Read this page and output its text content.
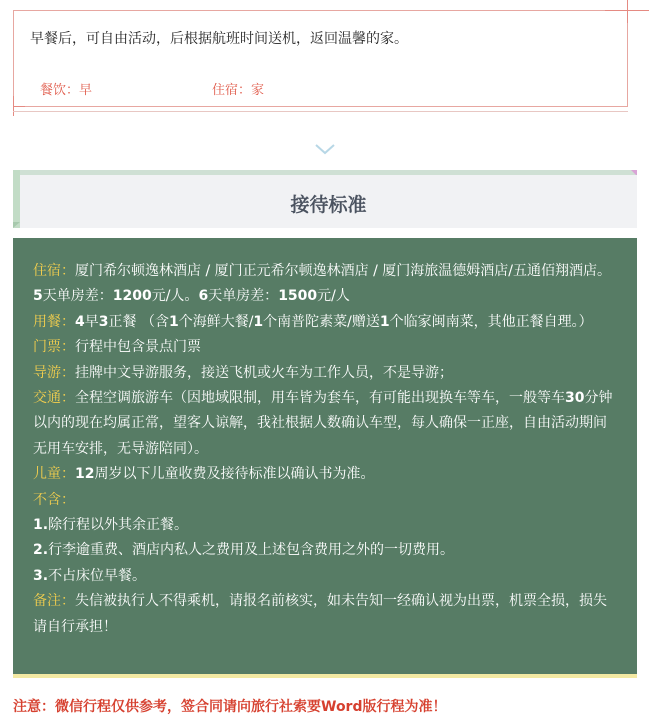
早餐后，可自由活动，后根据航班时间送机，返回温馨的家。
餐饮：早	住宿：家
接待标准

住宿：厦门希尔顿逸林酒店 / 厦门正元希尔顿逸林酒店 / 厦门海旅温德姆酒店/五通佰翔酒店。5天单房差：1200元/人。6天单房差：1500元/人

用餐：4早3正餐 （含1个海鲜大餐/1个南普陀素菜/赠送1个临家闽南菜，其他正餐自理。）

门票：行程中包含景点门票

导游：挂牌中文导游服务，接送飞机或火车为工作人员，不是导游；

交通：全程空调旅游车（因地域限制，用车皆为套车，有可能出现换车等车，一般等车30分钟以内的现在均属正常，望客人谅解，我社根据人数确认车型，每人确保一正座，自由活动期间无用车安排，无导游陪同）。

儿童：12周岁以下儿童收费及接待标准以确认书为准。

不含：

1.除行程以外其余正餐。

2.行李逾重费、酒店内私人之费用及上述包含费用之外的一切费用。

3.不占床位早餐。

备注：失信被执行人不得乘机，请报名前核实，如未告知一经确认视为出票，机票全损，损失请自行承担！

注意：微信行程仅供参考，签合同请向旅行社索要Word版行程为准！
